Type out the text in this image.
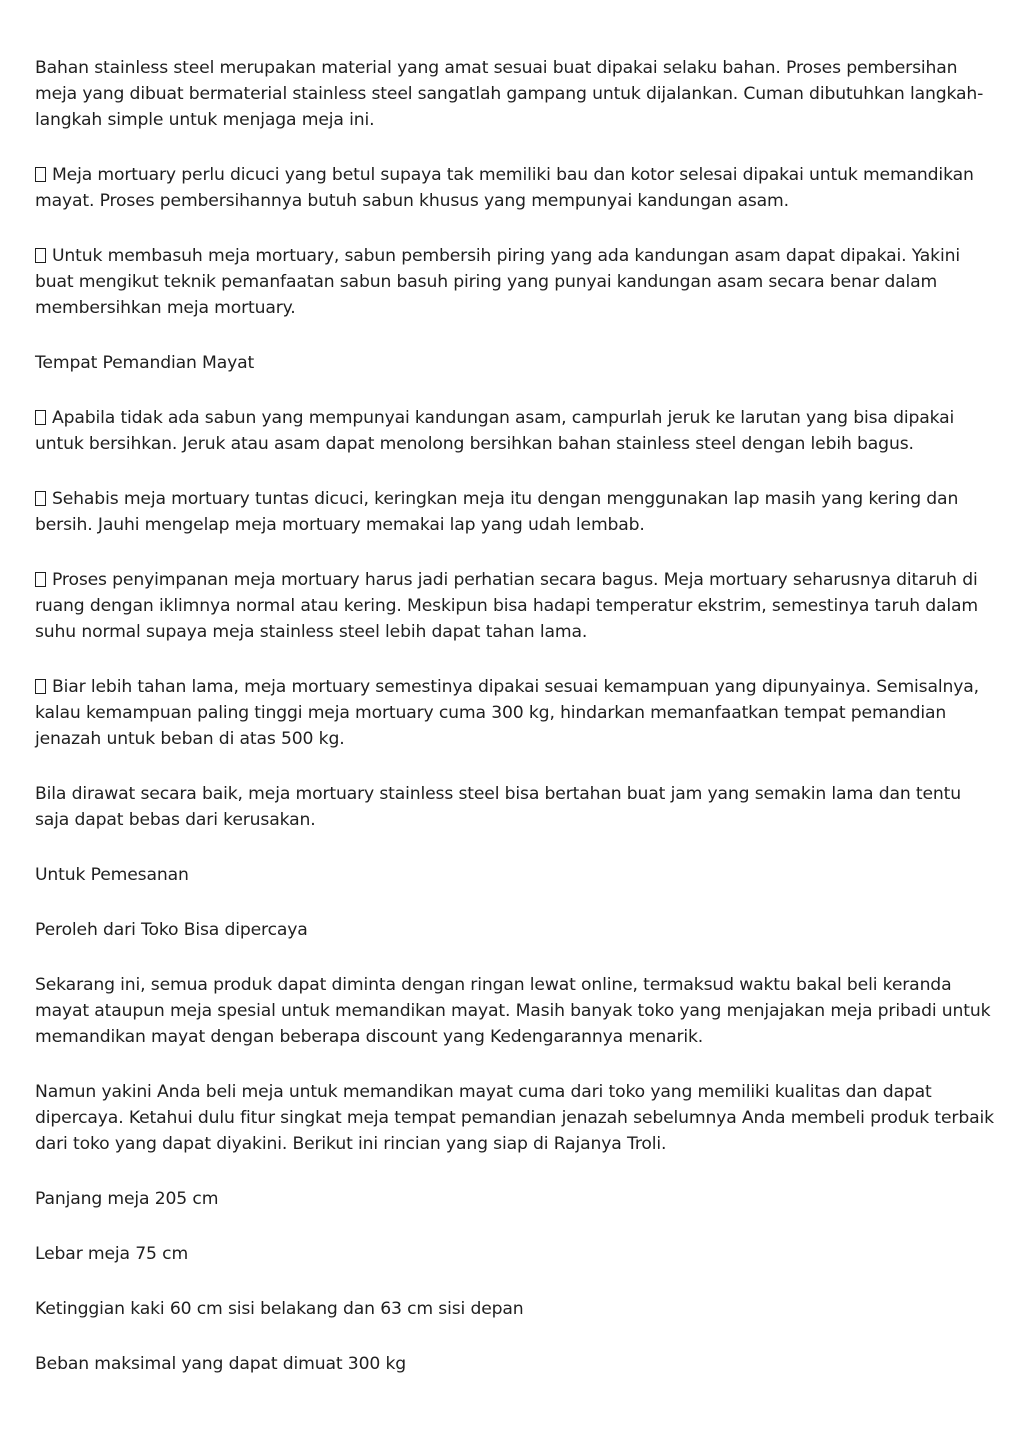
Bahan stainless steel merupakan material yang amat sesuai buat dipakai selaku bahan. Proses pembersihan meja yang dibuat bermaterial stainless steel sangatlah gampang untuk dijalankan. Cuman dibutuhkan langkah-langkah simple untuk menjaga meja ini.

Meja mortuary perlu dicuci yang betul supaya tak memiliki bau dan kotor selesai dipakai untuk memandikan mayat. Proses pembersihannya butuh sabun khusus yang mempunyai kandungan asam.

Untuk membasuh meja mortuary, sabun pembersih piring yang ada kandungan asam dapat dipakai. Yakini buat mengikut teknik pemanfaatan sabun basuh piring yang punyai kandungan asam secara benar dalam membersihkan meja mortuary.

Tempat Pemandian Mayat

Apabila tidak ada sabun yang mempunyai kandungan asam, campurlah jeruk ke larutan yang bisa dipakai untuk bersihkan. Jeruk atau asam dapat menolong bersihkan bahan stainless steel dengan lebih bagus.

Sehabis meja mortuary tuntas dicuci, keringkan meja itu dengan menggunakan lap masih yang kering dan bersih. Jauhi mengelap meja mortuary memakai lap yang udah lembab.

Proses penyimpanan meja mortuary harus jadi perhatian secara bagus. Meja mortuary seharusnya ditaruh di ruang dengan iklimnya normal atau kering. Meskipun bisa hadapi temperatur ekstrim, semestinya taruh dalam suhu normal supaya meja stainless steel lebih dapat tahan lama.

Biar lebih tahan lama, meja mortuary semestinya dipakai sesuai kemampuan yang dipunyainya. Semisalnya, kalau kemampuan paling tinggi meja mortuary cuma 300 kg, hindarkan memanfaatkan tempat pemandian jenazah untuk beban di atas 500 kg.

Bila dirawat secara baik, meja mortuary stainless steel bisa bertahan buat jam yang semakin lama dan tentu saja dapat bebas dari kerusakan.

Untuk Pemesanan

Peroleh dari Toko Bisa dipercaya

Sekarang ini, semua produk dapat diminta dengan ringan lewat online, termaksud waktu bakal beli keranda mayat ataupun meja spesial untuk memandikan mayat. Masih banyak toko yang menjajakan meja pribadi untuk memandikan mayat dengan beberapa discount yang Kedengarannya menarik.

Namun yakini Anda beli meja untuk memandikan mayat cuma dari toko yang memiliki kualitas dan dapat dipercaya. Ketahui dulu fitur singkat meja tempat pemandian jenazah sebelumnya Anda membeli produk terbaik dari toko yang dapat diyakini. Berikut ini rincian yang siap di Rajanya Troli.

Panjang meja 205 cm

Lebar meja 75 cm

Ketinggian kaki 60 cm sisi belakang dan 63 cm sisi depan

Beban maksimal yang dapat dimuat 300 kg
